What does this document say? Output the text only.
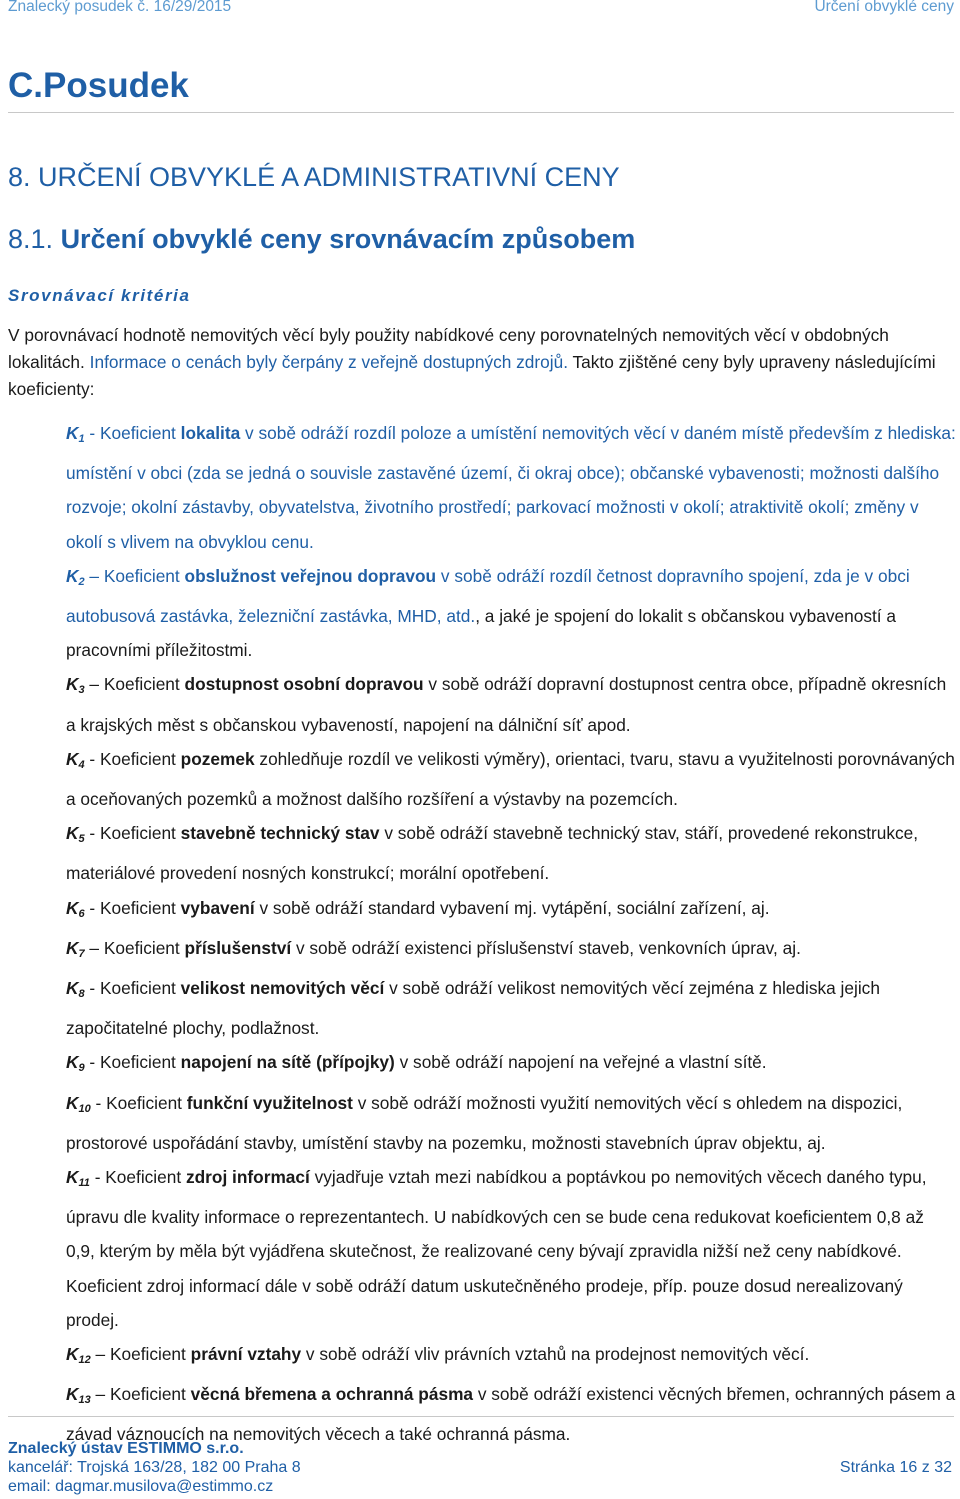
Znalecký posudek č. 16/29/2015	Určení obvyklé ceny
C.Posudek
8. URČENÍ OBVYKLÉ A ADMINISTRATIVNÍ CENY
8.1. Určení obvyklé ceny srovnávacím způsobem
Srovnávací kritéria
V porovnávací hodnotě nemovitých věcí byly použity nabídkové ceny porovnatelných nemovitých věcí v obdobných lokalitách. Informace o cenách byly čerpány z veřejně dostupných zdrojů. Takto zjištěné ceny byly upraveny následujícími koeficienty:

$K_1$ - Koeficient lokalita v sobě odráží rozdíl poloze a umístění nemovitých věcí v daném místě především z hlediska: umístění v obci (zda se jedná o souvisle zastavěné území, či okraj obce); občanské vybavenosti; možnosti dalšího rozvoje; okolní zástavby, obyvatelstva, životního prostředí; parkovací možnosti v okolí; atraktivitě okolí; změny v okolí s vlivem na obvyklou cenu.

$K_2$ – Koeficient obslužnost veřejnou dopravou v sobě odráží rozdíl četnost dopravního spojení, zda je v obci autobusová zastávka, železniční zastávka, MHD, atd., a jaké je spojení do lokalit s občanskou vybaveností a pracovními příležitostmi.

$K_3$ – Koeficient dostupnost osobní dopravou v sobě odráží dopravní dostupnost centra obce, případně okresních a krajských měst s občanskou vybaveností, napojení na dálniční síť apod.

$K_4$ - Koeficient pozemek zohledňuje rozdíl ve velikosti výměry), orientaci, tvaru, stavu a využitelnosti porovnávaných a oceňovaných pozemků a možnost dalšího rozšíření a výstavby na pozemcích.

$K_5$ - Koeficient stavebně technický stav v sobě odráží stavebně technický stav, stáří, provedené rekonstrukce, materiálové provedení nosných konstrukcí; morální opotřebení.

$K_6$ - Koeficient vybavení v sobě odráží standard vybavení mj. vytápění, sociální zařízení, aj.

$K_7$ – Koeficient příslušenství v sobě odráží existenci příslušenství staveb, venkovních úprav, aj.

$K_8$ - Koeficient velikost nemovitých věcí v sobě odráží velikost nemovitých věcí zejména z hlediska jejich započitatelné plochy, podlažnost.

$K_9$ - Koeficient napojení na sítě (přípojky) v sobě odráží napojení na veřejné a vlastní sítě.

$K_{10}$ - Koeficient funkční využitelnost v sobě odráží možnosti využití nemovitých věcí s ohledem na dispozici, prostorové uspořádání stavby, umístění stavby na pozemku, možnosti stavebních úprav objektu, aj.

$K_{11}$ - Koeficient zdroj informací vyjadřuje vztah mezi nabídkou a poptávkou po nemovitých věcech daného typu, úpravu dle kvality informace o reprezentantech. U nabídkových cen se bude cena redukovat koeficientem 0,8 až 0,9, kterým by měla být vyjádřena skutečnost, že realizované ceny bývají zpravidla nižší než ceny nabídkové. Koeficient zdroj informací dále v sobě odráží datum uskutečněného prodeje, příp. pouze dosud nerealizovaný prodej.

$K_{12}$ – Koeficient právní vztahy v sobě odráží vliv právních vztahů na prodejnost nemovitých věcí.

$K_{13}$ – Koeficient věcná břemena a ochranná pásma v sobě odráží existenci věcných břemen, ochranných pásem a závad váznoucích na nemovitých věcech a také ochranná pásma.

Znalecký ústav ESTIMMO s.r.o.
kancelář: Trojská 163/28, 182 00 Praha 8
email: dagmar.musilova@estimmo.cz
Stránka 16 z 32
